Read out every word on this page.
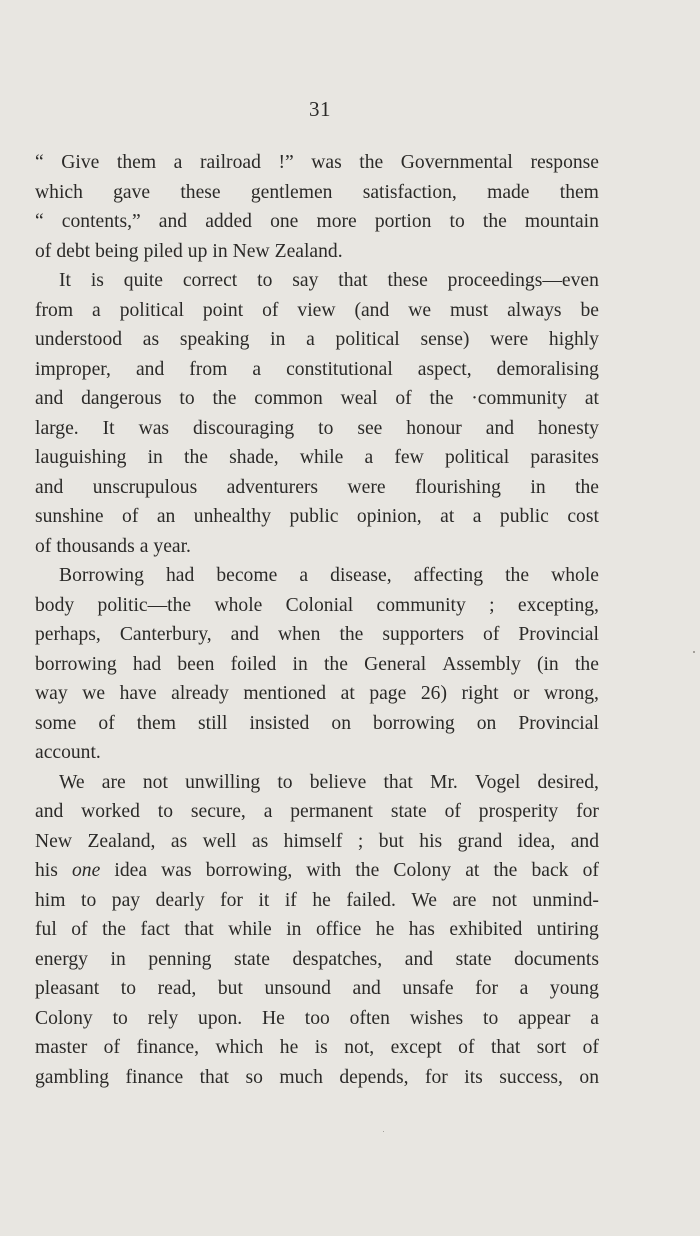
31
“ Give them a railroad !” was the Governmental response
which gave these gentlemen satisfaction, made them
“ contents,” and added one more portion to the mountain
of debt being piled up in New Zealand.
It is quite correct to say that these proceedings—even
from a political point of view (and we must always be
understood as speaking in a political sense) were highly
improper, and from a constitutional aspect, demoralising
and dangerous to the common weal of the ·community at
large. It was discouraging to see honour and honesty
lauguishing in the shade, while a few political parasites
and unscrupulous adventurers were flourishing in the
sunshine of an unhealthy public opinion, at a public cost
of thousands a year.
Borrowing had become a disease, affecting the whole
body politic—the whole Colonial community ; excepting,
perhaps, Canterbury, and when the supporters of Provincial
borrowing had been foiled in the General Assembly (in the
way we have already mentioned at page 26) right or wrong,
some of them still insisted on borrowing on Provincial
account.
We are not unwilling to believe that Mr. Vogel desired,
and worked to secure, a permanent state of prosperity for
New Zealand, as well as himself ; but his grand idea, and
his one idea was borrowing, with the Colony at the back of
him to pay dearly for it if he failed. We are not unmind-
ful of the fact that while in office he has exhibited untiring
energy in penning state despatches, and state documents
pleasant to read, but unsound and unsafe for a young
Colony to rely upon. He too often wishes to appear a
master of finance, which he is not, except of that sort of
gambling finance that so much depends, for its success, on
